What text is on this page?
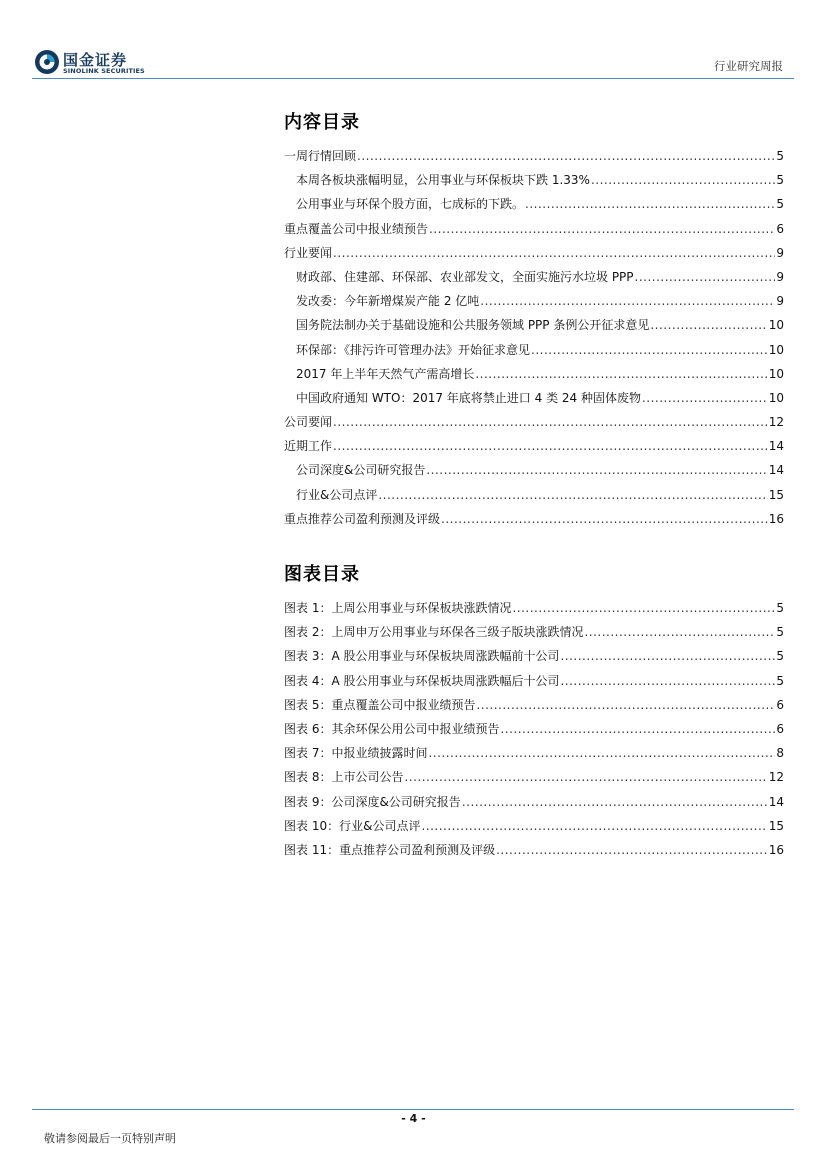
国金证券
SINOLINK SECURITIES	行业研究周报
内容目录
一周行情回顾 .....	5
本周各板块涨幅明显，公用事业与环保板块下跌 1.33% .....	5
公用事业与环保个股方面，七成标的下跌。 .....	5
重点覆盖公司中报业绩预告 .....	6
行业要闻 .....	9
财政部、住建部、环保部、农业部发文，全面实施污水垃圾 PPP .....	9
发改委：今年新增煤炭产能 2 亿吨 .....	9
国务院法制办关于基础设施和公共服务领域 PPP 条例公开征求意见 .....	10
环保部：《排污许可管理办法》开始征求意见 .....	10
2017 年上半年天然气产需高增长 .....	10
中国政府通知 WTO：2017 年底将禁止进口 4 类 24 种固体废物 .....	10
公司要闻 .....	12
近期工作 .....	14
公司深度&公司研究报告 .....	14
行业&公司点评 .....	15
重点推荐公司盈利预测及评级 .....	16
图表目录
图表 1：上周公用事业与环保板块涨跌情况 .....	5
图表 2：上周申万公用事业与环保各三级子版块涨跌情况 .....	5
图表 3：A 股公用事业与环保板块周涨跌幅前十公司 .....	5
图表 4：A 股公用事业与环保板块周涨跌幅后十公司 .....	5
图表 5：重点覆盖公司中报业绩预告 .....	6
图表 6：其余环保公用公司中报业绩预告 .....	6
图表 7：中报业绩披露时间 .....	8
图表 8：上市公司公告 .....	12
图表 9：公司深度&公司研究报告 .....	14
图表 10：行业&公司点评 .....	15
图表 11：重点推荐公司盈利预测及评级 .....	16
- 4 -
敬请参阅最后一页特别声明
